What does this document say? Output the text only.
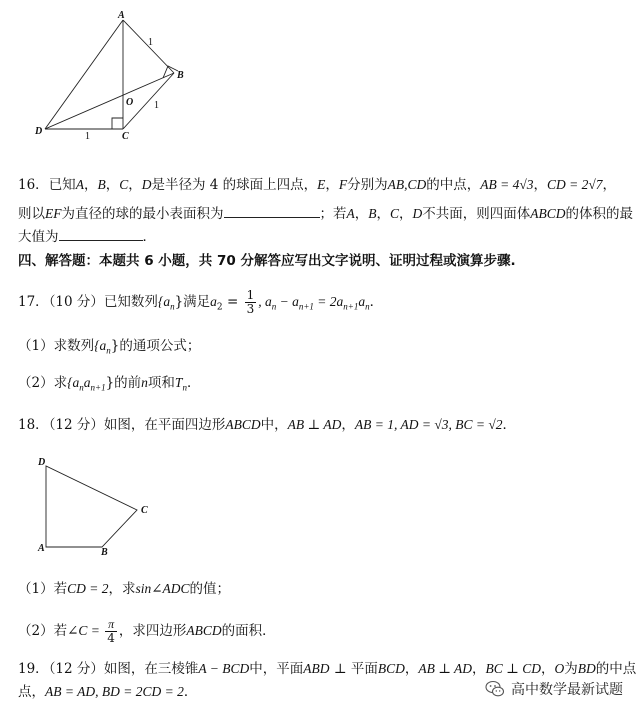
A
B
O
D	C
1
1
1
16．已知A，B，C，D是半径为 4 的球面上四点，E，F分别为AB,CD的中点，AB = 4√3，CD = 2√7，
则以EF为直径的球的最小表面积为	；若A，B，C，D不共面，则四面体ABCD的体积的最
大值为	．
四、解答题：本题共 6 小题，共 70 分解答应写出文字说明、证明过程或演算步骤.
17．（10 分）已知数列$\{a_n\}$满足$a_2 = \frac{1}{3}$ , $a_n - a_{n+1} = 2a_{n+1}a_n$．
（1）求数列$\{a_n\}$的通项公式；
（2）求$\{a_na_{n+1}\}$的前n项和$T_n$．
18．（12 分）如图，在平面四边形ABCD中，AB ⊥ AD，AB = 1, AD = √3, BC = √2．
D
C
A	B
（1）若CD = 2，求sin∠ADC的值；
（2）若∠C = $\frac{\pi}{4}$ ，求四边形ABCD的面积．
19．（12 分）如图，在三棱锥A − BCD中，平面ABD ⊥ 平面BCD，AB ⊥ AD，BC ⊥ CD，O为BD的中点
点，AB = AD, BD = 2CD = 2．	高中数学最新试题
